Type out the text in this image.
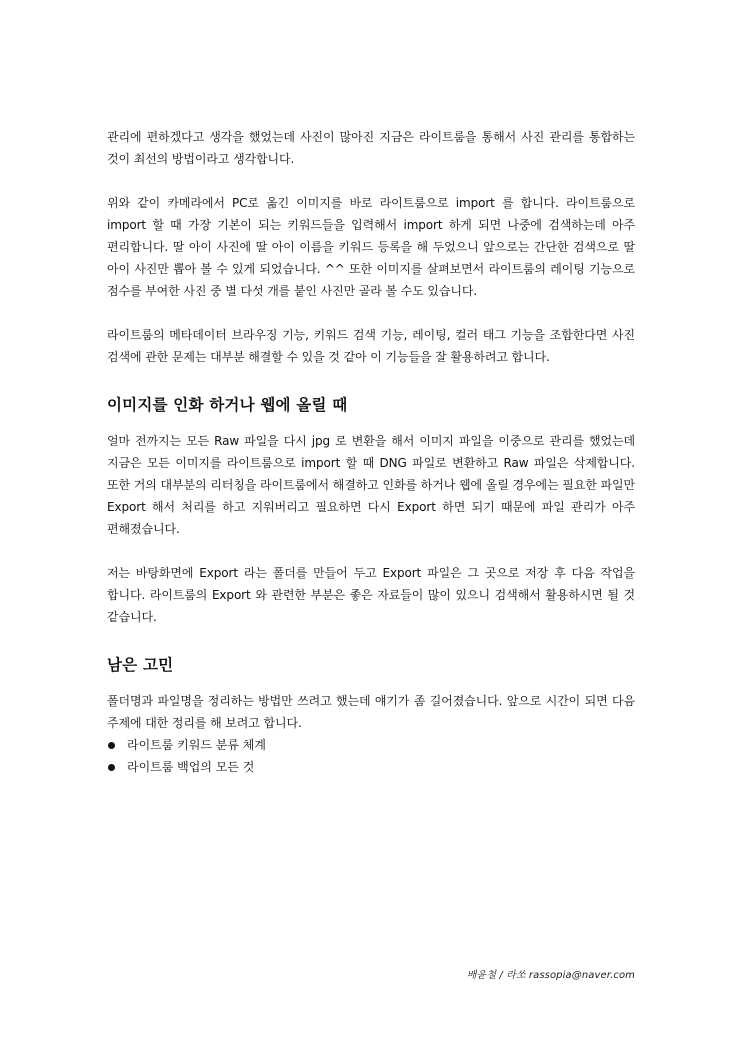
관리에 편하겠다고 생각을 했었는데 사진이 많아진 지금은 라이트룸을 통해서 사진 관리를 통합하는 것이 최선의 방법이라고 생각합니다.

위와 같이 카메라에서 PC로 옮긴 이미지를 바로 라이트룸으로 import 를 합니다. 라이트룸으로 import 할 때 가장 기본이 되는 키워드들을 입력해서 import 하게 되면 나중에 검색하는데 아주 편리합니다. 딸 아이 사진에 딸 아이 이름을 키워드 등록을 해 두었으니 앞으로는 간단한 검색으로 딸 아이 사진만 뽑아 볼 수 있게 되었습니다. ^^ 또한 이미지를 살펴보면서 라이트룸의 레이팅 기능으로 점수를 부여한 사진 중 별 다섯 개를 붙인 사진만 골라 볼 수도 있습니다.

라이트룸의 메타데이터 브라우징 기능, 키워드 검색 기능, 레이팅, 컬러 태그 기능을 조합한다면 사진 검색에 관한 문제는 대부분 해결할 수 있을 것 같아 이 기능들을 잘 활용하려고 합니다.

이미지를 인화 하거나 웹에 올릴 때

얼마 전까지는 모든 Raw 파일을 다시 jpg 로 변환을 해서 이미지 파일을 이중으로 관리를 했었는데 지금은 모든 이미지를 라이트룸으로 import 할 때 DNG 파일로 변환하고 Raw 파일은 삭제합니다. 또한 거의 대부분의 리터칭을 라이트룸에서 해결하고 인화를 하거나 웹에 올릴 경우에는 필요한 파일만 Export 해서 처리를 하고 지워버리고 필요하면 다시 Export 하면 되기 때문에 파일 관리가 아주 편해졌습니다.

저는 바탕화면에 Export 라는 폴더를 만들어 두고 Export 파일은 그 곳으로 저장 후 다음 작업을 합니다. 라이트룸의 Export 와 관련한 부분은 좋은 자료들이 많이 있으니 검색해서 활용하시면 될 것 같습니다.

남은 고민

폴더명과 파일명을 정리하는 방법만 쓰려고 했는데 얘기가 좀 길어졌습니다. 앞으로 시간이 되면 다음 주제에 대한 정리를 해 보려고 합니다.

라이트룸 키워드 분류 체계
라이트룸 백업의 모든 것
배윤철 / 라쏘 rassopia@naver.com
